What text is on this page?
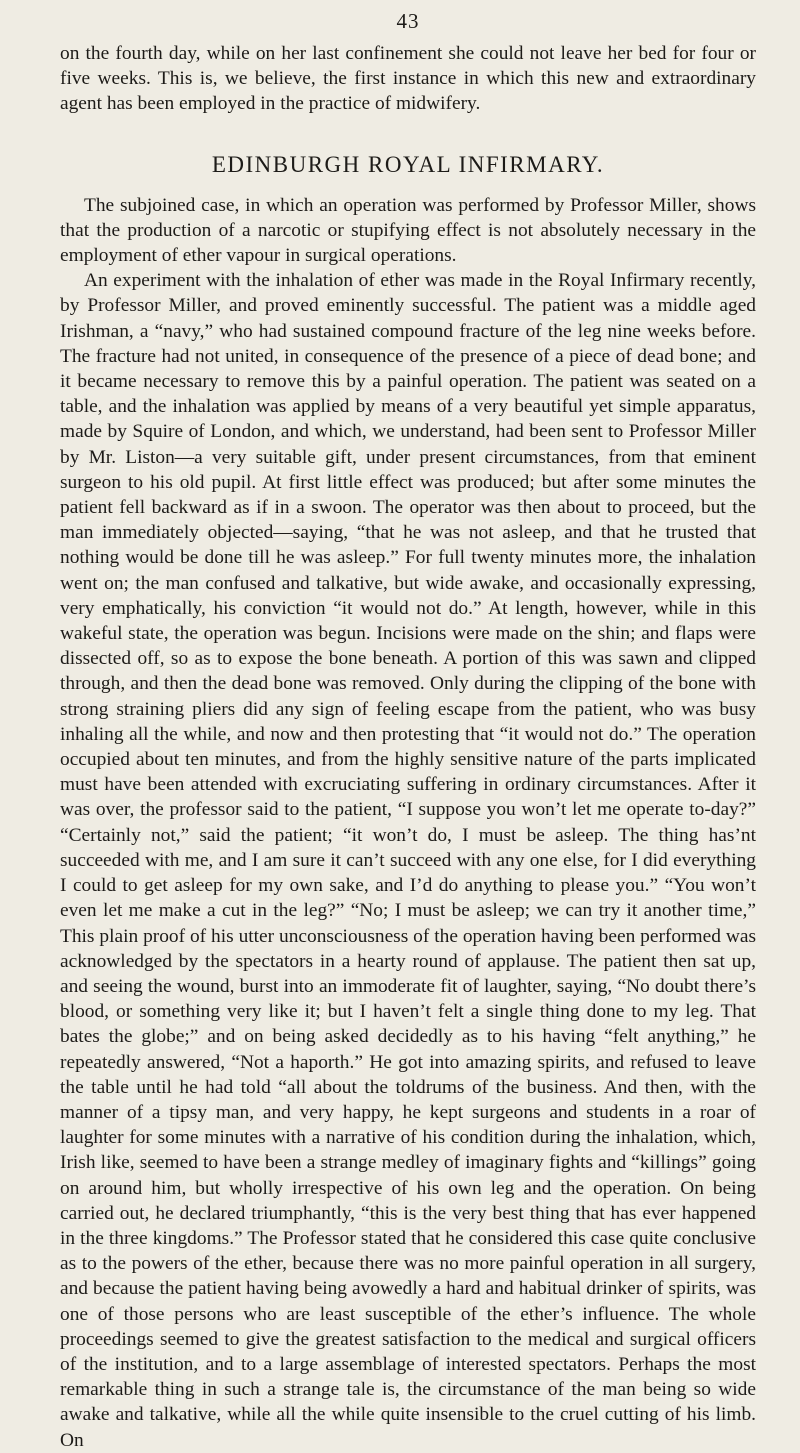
43

on the fourth day, while on her last confinement she could not leave her bed for four or five weeks. This is, we believe, the first instance in which this new and extraordinary agent has been employed in the practice of midwifery.

EDINBURGH ROYAL INFIRMARY.

The subjoined case, in which an operation was performed by Professor Miller, shows that the production of a narcotic or stupifying effect is not absolutely necessary in the employment of ether vapour in surgical operations.

An experiment with the inhalation of ether was made in the Royal Infirmary recently, by Professor Miller, and proved eminently successful. The patient was a middle aged Irishman, a “navy,” who had sustained compound fracture of the leg nine weeks before. The fracture had not united, in consequence of the presence of a piece of dead bone; and it became necessary to remove this by a painful operation. The patient was seated on a table, and the inhalation was applied by means of a very beautiful yet simple apparatus, made by Squire of London, and which, we understand, had been sent to Professor Miller by Mr. Liston—a very suitable gift, under present circumstances, from that eminent surgeon to his old pupil. At first little effect was produced; but after some minutes the patient fell backward as if in a swoon. The operator was then about to proceed, but the man immediately objected—saying, “that he was not asleep, and that he trusted that nothing would be done till he was asleep.” For full twenty minutes more, the inhalation went on; the man confused and talkative, but wide awake, and occasionally expressing, very emphatically, his conviction “it would not do.” At length, however, while in this wakeful state, the operation was begun. Incisions were made on the shin; and flaps were dissected off, so as to expose the bone beneath. A portion of this was sawn and clipped through, and then the dead bone was removed. Only during the clipping of the bone with strong straining pliers did any sign of feeling escape from the patient, who was busy inhaling all the while, and now and then protesting that “it would not do.” The operation occupied about ten minutes, and from the highly sensitive nature of the parts implicated must have been attended with excruciating suffering in ordinary circumstances. After it was over, the professor said to the patient, “I suppose you won’t let me operate to-day?” “Certainly not,” said the patient; “it won’t do, I must be asleep. The thing has’nt succeeded with me, and I am sure it can’t succeed with any one else, for I did everything I could to get asleep for my own sake, and I’d do anything to please you.” “You won’t even let me make a cut in the leg?” “No; I must be asleep; we can try it another time,” This plain proof of his utter unconsciousness of the operation having been performed was acknowledged by the spectators in a hearty round of applause. The patient then sat up, and seeing the wound, burst into an immoderate fit of laughter, saying, “No doubt there’s blood, or something very like it; but I haven’t felt a single thing done to my leg. That bates the globe;” and on being asked decidedly as to his having “felt anything,” he repeatedly answered, “Not a haporth.” He got into amazing spirits, and refused to leave the table until he had told “all about the toldrums of the business. And then, with the manner of a tipsy man, and very happy, he kept surgeons and students in a roar of laughter for some minutes with a narrative of his condition during the inhalation, which, Irish like, seemed to have been a strange medley of imaginary fights and “killings” going on around him, but wholly irrespective of his own leg and the operation. On being carried out, he declared triumphantly, “this is the very best thing that has ever happened in the three kingdoms.” The Professor stated that he considered this case quite conclusive as to the powers of the ether, because there was no more painful operation in all surgery, and because the patient having being avowedly a hard and habitual drinker of spirits, was one of those persons who are least susceptible of the ether’s influence. The whole proceedings seemed to give the greatest satisfaction to the medical and surgical officers of the institution, and to a large assemblage of interested spectators. Perhaps the most remarkable thing in such a strange tale is, the circumstance of the man being so wide awake and talkative, while all the while quite insensible to the cruel cutting of his limb. On
